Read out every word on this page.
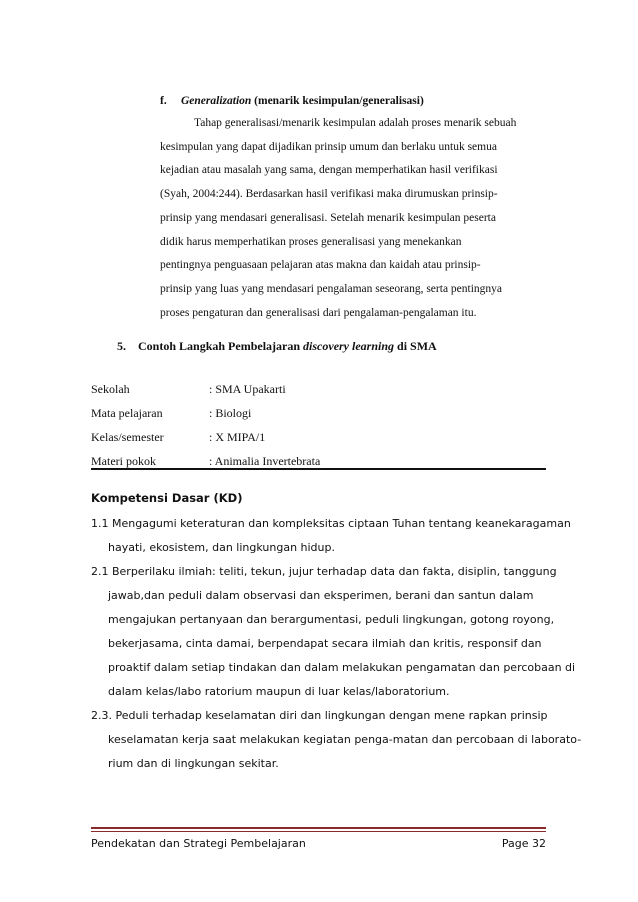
f. Generalization (menarik kesimpulan/generalisasi)

Tahap generalisasi/menarik kesimpulan adalah proses menarik sebuah

kesimpulan yang dapat dijadikan prinsip umum dan berlaku untuk semua

kejadian atau masalah yang sama, dengan memperhatikan hasil verifikasi

(Syah, 2004:244). Berdasarkan hasil verifikasi maka dirumuskan prinsip-

prinsip yang mendasari generalisasi. Setelah menarik kesimpulan peserta

didik harus memperhatikan proses generalisasi yang menekankan

pentingnya penguasaan pelajaran atas makna dan kaidah atau prinsip-

prinsip yang luas yang mendasari pengalaman seseorang, serta pentingnya

proses pengaturan dan generalisasi dari pengalaman-pengalaman itu.

5. Contoh Langkah Pembelajaran discovery learning di SMA
Sekolah	: SMA Upakarti
Mata pelajaran	: Biologi
Kelas/semester	: X MIPA/1
Materi pokok	: Animalia Invertebrata
Kompetensi Dasar (KD)
1.1 Mengagumi keteraturan dan kompleksitas ciptaan Tuhan tentang keanekaragaman
hayati, ekosistem, dan lingkungan hidup.
2.1 Berperilaku ilmiah: teliti, tekun, jujur terhadap data dan fakta, disiplin, tanggung
jawab,dan peduli dalam observasi dan eksperimen, berani dan santun dalam
mengajukan pertanyaan dan berargumentasi, peduli lingkungan, gotong royong,
bekerjasama, cinta damai, berpendapat secara ilmiah dan kritis, responsif dan
proaktif dalam setiap tindakan dan dalam melakukan pengamatan dan percobaan di
dalam kelas/labo ratorium maupun di luar kelas/laboratorium.
2.3. Peduli terhadap keselamatan diri dan lingkungan dengan mene rapkan prinsip
keselamatan kerja saat melakukan kegiatan penga-matan dan percobaan di laborato-
rium dan di lingkungan sekitar.
Pendekatan dan Strategi Pembelajaran	Page 32
